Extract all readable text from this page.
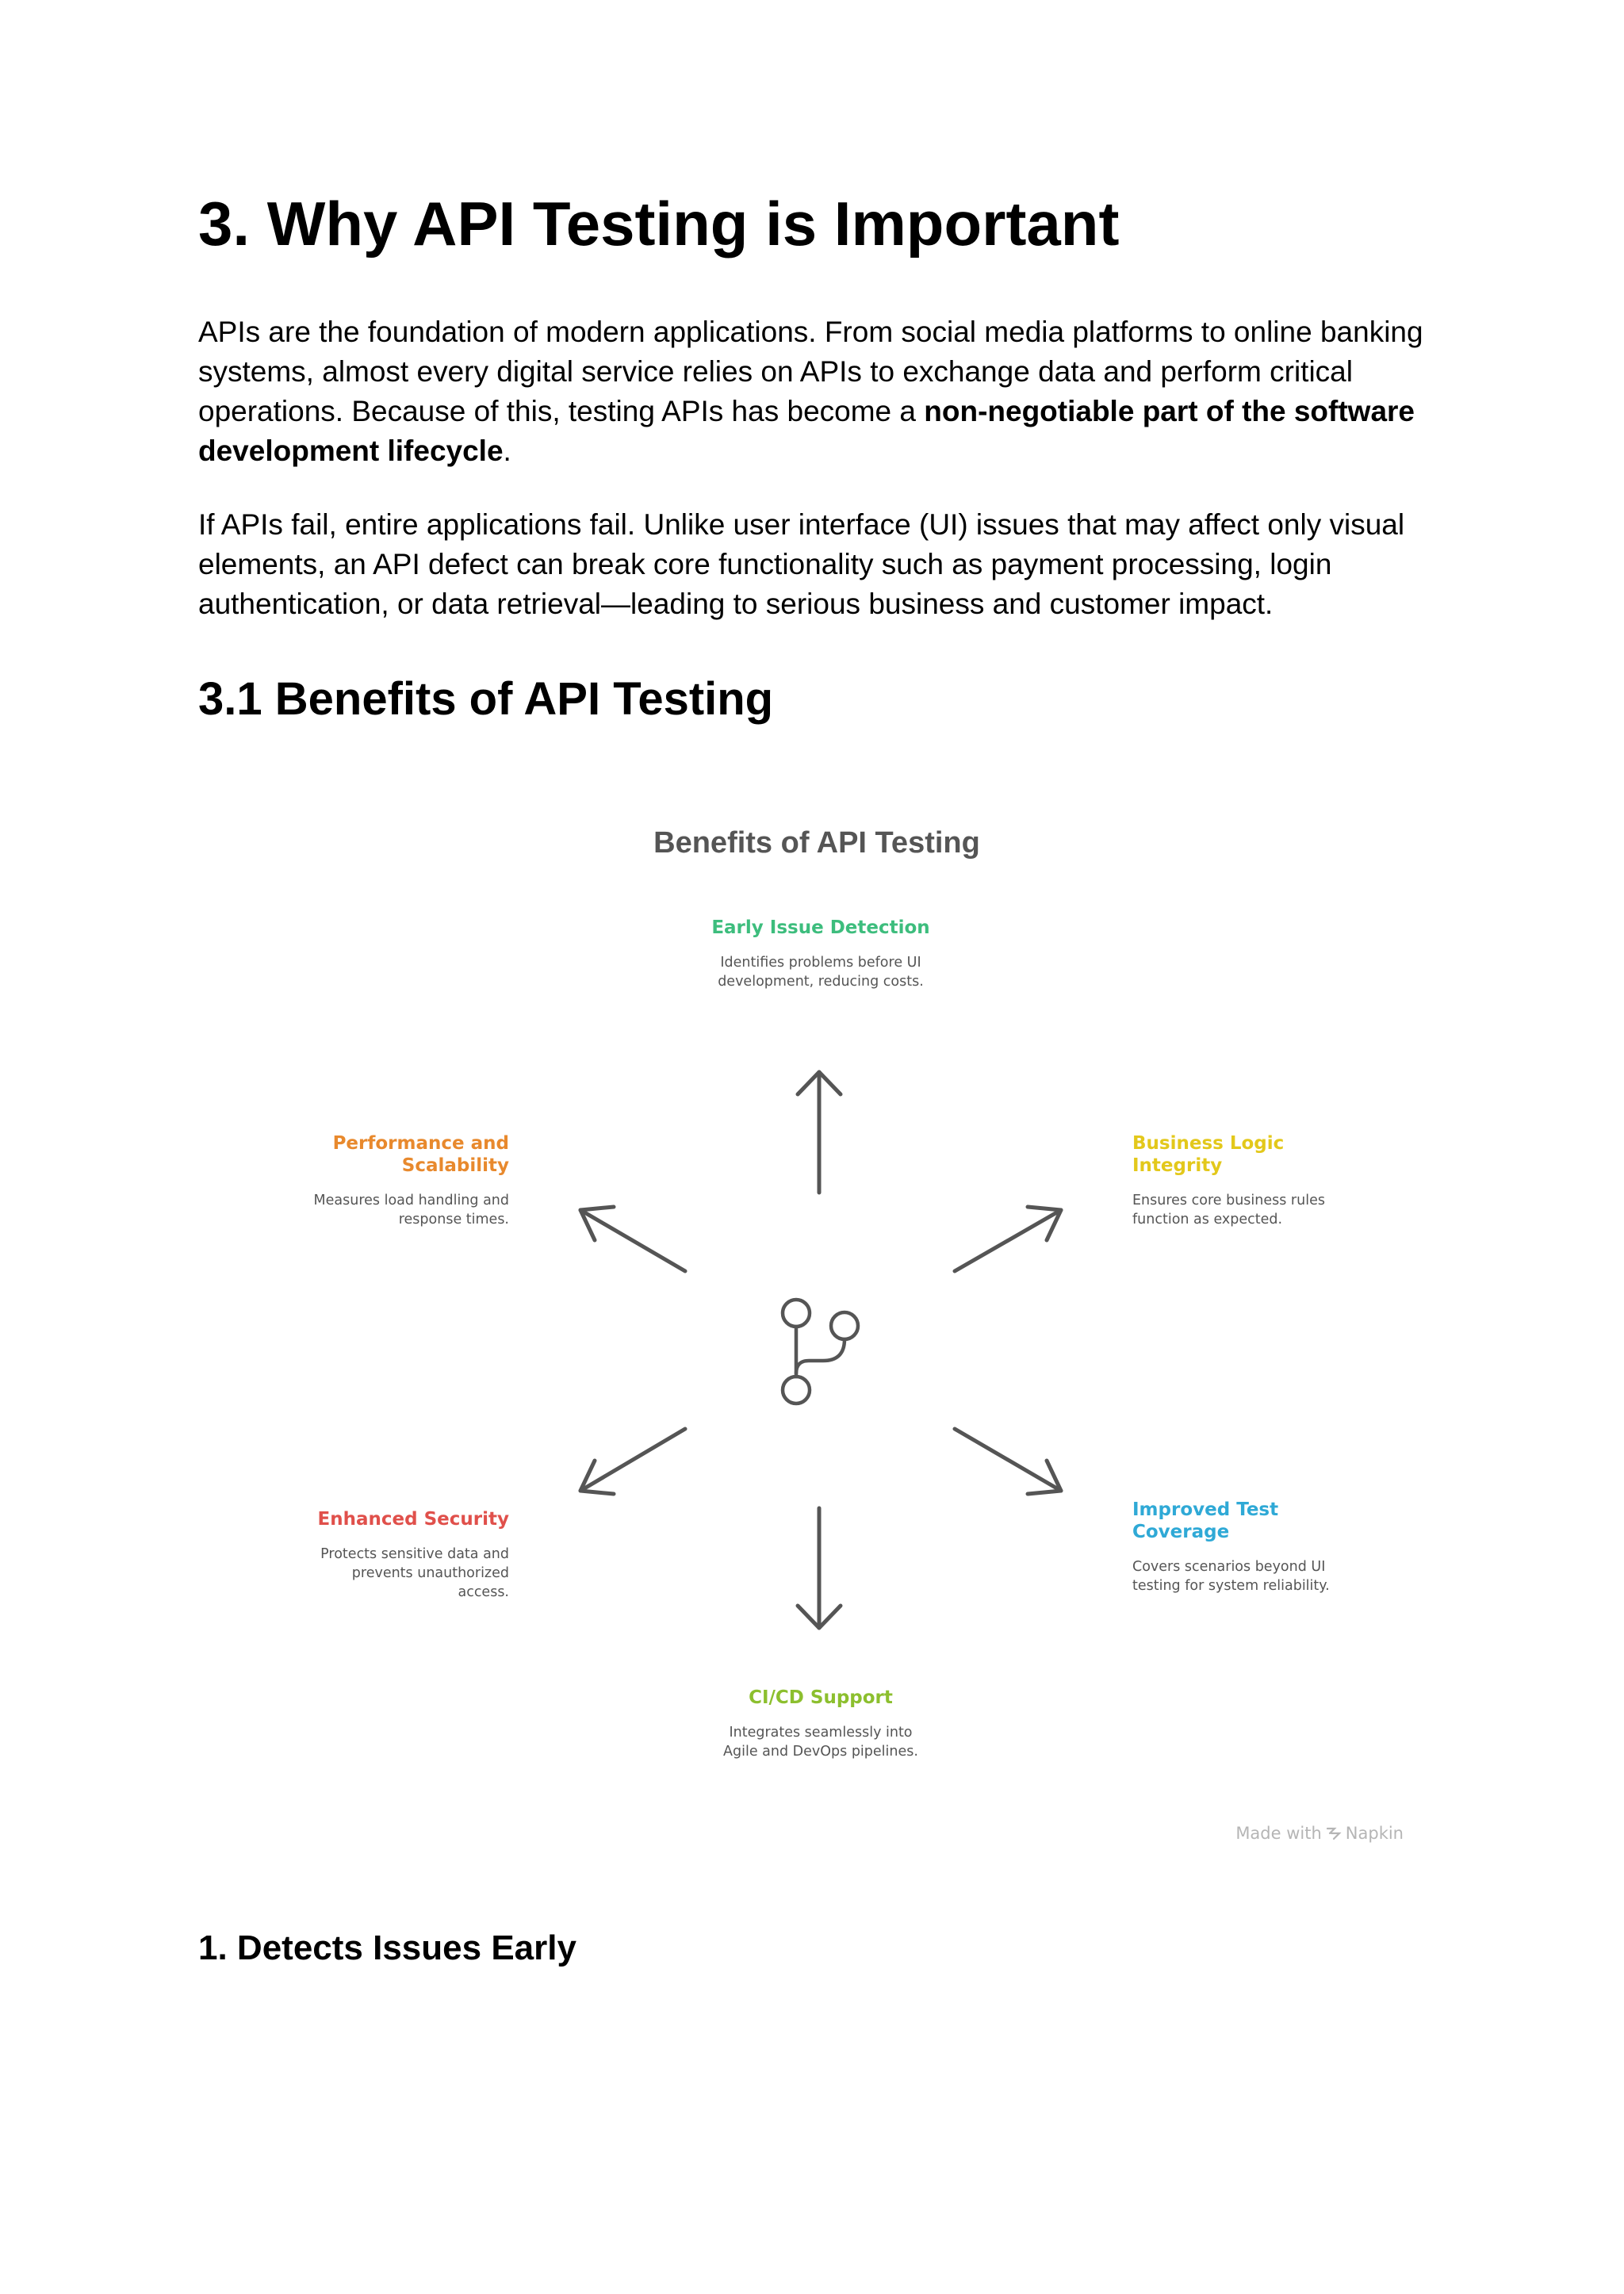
3. Why API Testing is Important

APIs are the foundation of modern applications. From social media platforms to online banking systems, almost every digital service relies on APIs to exchange data and perform critical operations. Because of this, testing APIs has become a non-negotiable part of the software development lifecycle.

If APIs fail, entire applications fail. Unlike user interface (UI) issues that may affect only visual elements, an API defect can break core functionality such as payment processing, login authentication, or data retrieval—leading to serious business and customer impact.

3.1 Benefits of API Testing
Benefits of API Testing
Early Issue Detection
Identifies problems before UI development, reducing costs.
Performance and Scalability
Measures load handling and response times.
Business Logic Integrity
Ensures core business rules function as expected.
Enhanced Security
Protects sensitive data and prevents unauthorized access.
Improved Test Coverage
Covers scenarios beyond UI testing for system reliability.
CI/CD Support
Integrates seamlessly into Agile and DevOps pipelines.
Made with Napkin
1. Detects Issues Early
